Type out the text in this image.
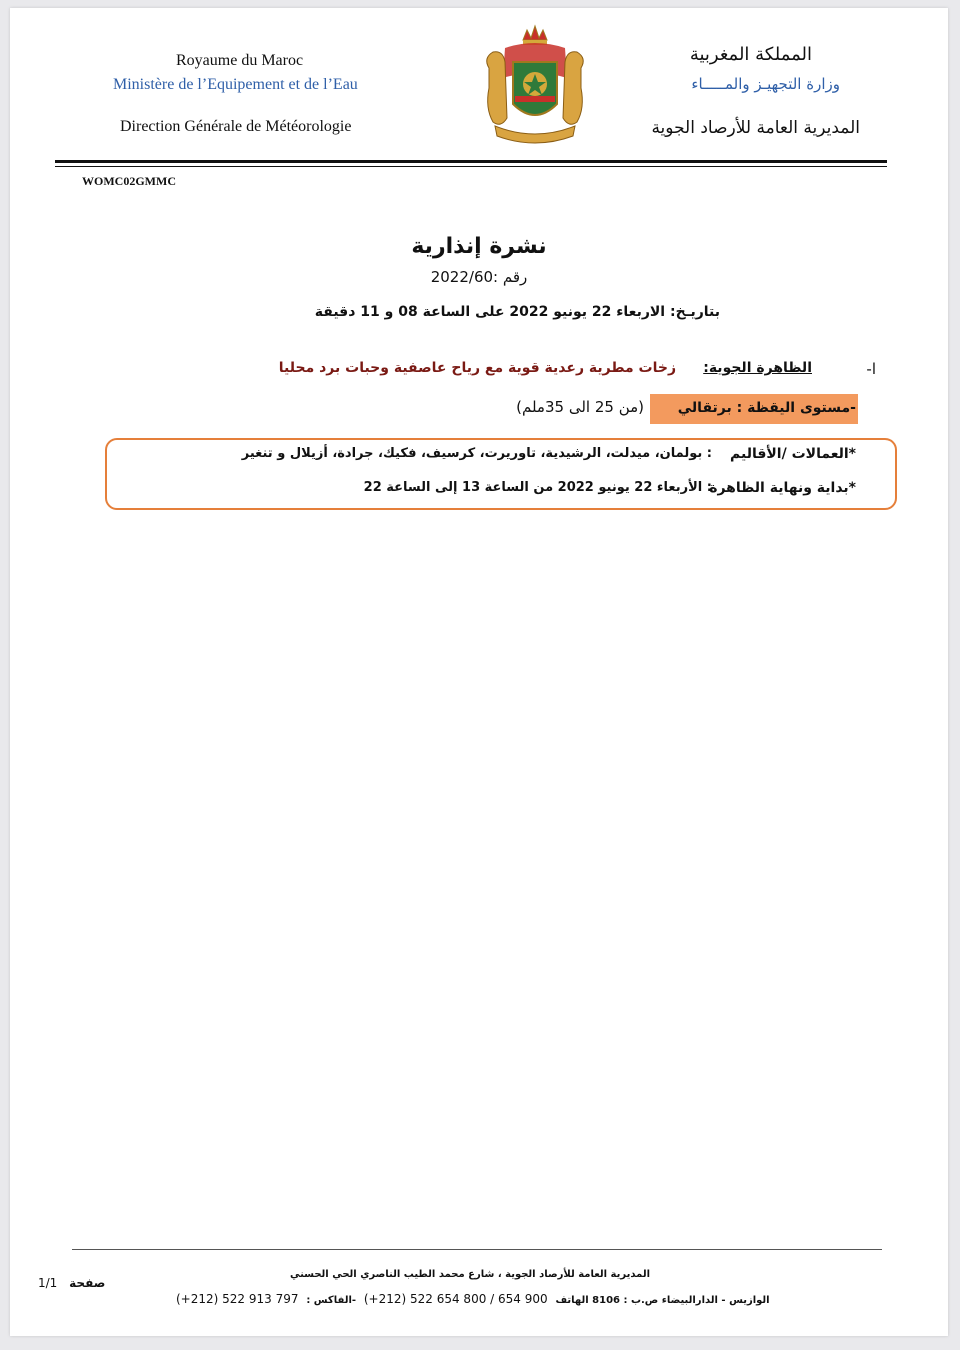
Royaume du Maroc
Ministère de l’Equipement et de l’Eau
Direction Générale de Météorologie
المملكة المغربية
وزارة التجهيـز والمـــــاء
المديرية العامة للأرصاد الجوية
WOMC02GMMC
نشرة إنذارية
رقم :2022/60
بتاريـخ: الاربعاء 22 يونيو 2022 على الساعة 08 و 11 دقيقة
ا-
الظاهرة الجوية:
زخات مطرية رعدية قوية مع رياح عاصفية وحبات برد محليا
-مستوى اليقظة : برتقالي
(من 25 الى 35ملم)
*العمالات /الأقاليم
: بولمان، ميدلت، الرشيدية، تاوريرت، كرسيف، فكيك، جرادة، أزيلال و تنغير
*بداية ونهاية الظاهرة
: الأربعاء 22 يونيو 2022 من الساعة 13 إلى الساعة 22
المديرية العامة للأرصاد الجوية ، شارع محمد الطيب الناصري الحي الحسني
1/1 صفحة
(+212) 522 913 797 -الفاكس : (+212) 522 654 800 / 654 900 الوازيس - الدارالبيضاء ص.ب : 8106 الهاتف
